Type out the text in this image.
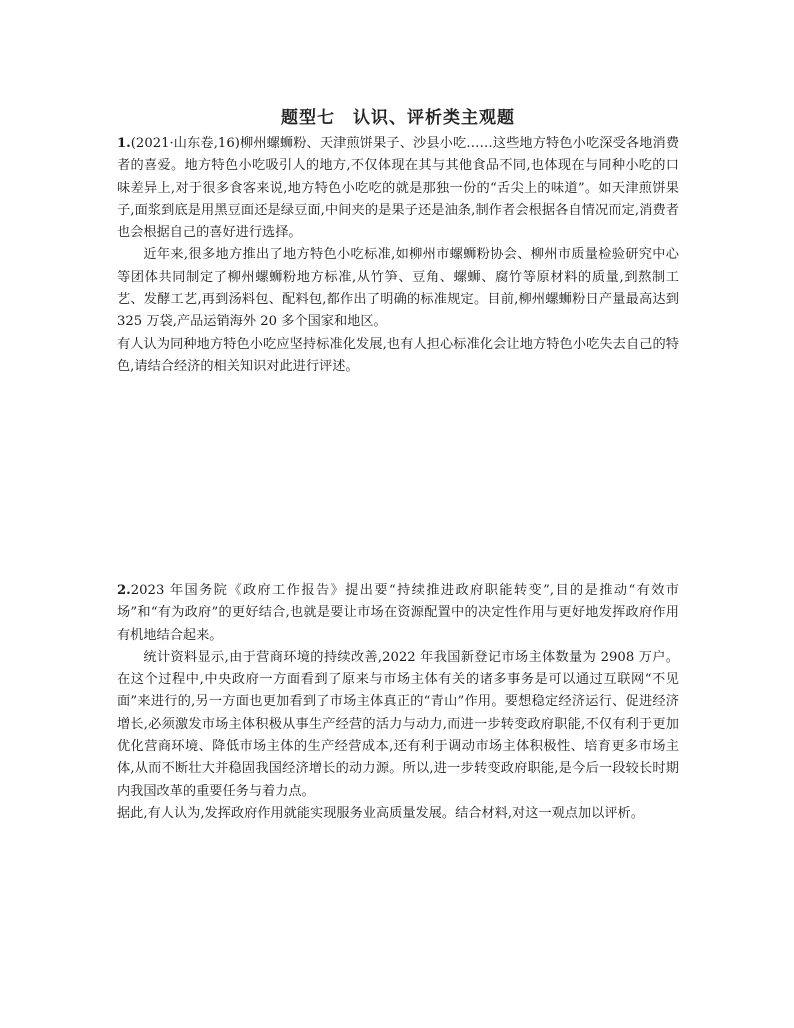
题型七　认识、评析类主观题

1.(2021·山东卷,16)柳州螺蛳粉、天津煎饼果子、沙县小吃……这些地方特色小吃深受各地消费者的喜爱。地方特色小吃吸引人的地方,不仅体现在其与其他食品不同,也体现在与同种小吃的口味差异上,对于很多食客来说,地方特色小吃吃的就是那独一份的“舌尖上的味道”。如天津煎饼果子,面浆到底是用黑豆面还是绿豆面,中间夹的是果子还是油条,制作者会根据各自情况而定,消费者也会根据自己的喜好进行选择。

近年来,很多地方推出了地方特色小吃标准,如柳州市螺蛳粉协会、柳州市质量检验研究中心等团体共同制定了柳州螺蛳粉地方标准,从竹笋、豆角、螺蛳、腐竹等原材料的质量,到熬制工艺、发酵工艺,再到汤料包、配料包,都作出了明确的标准规定。目前,柳州螺蛳粉日产量最高达到 325 万袋,产品运销海外 20 多个国家和地区。

有人认为同种地方特色小吃应坚持标准化发展,也有人担心标准化会让地方特色小吃失去自己的特色,请结合经济的相关知识对此进行评述。

2.2023 年国务院《政府工作报告》提出要“持续推进政府职能转变”,目的是推动“有效市场”和“有为政府”的更好结合,也就是要让市场在资源配置中的决定性作用与更好地发挥政府作用有机地结合起来。

统计资料显示,由于营商环境的持续改善,2022 年我国新登记市场主体数量为 2908 万户。在这个过程中,中央政府一方面看到了原来与市场主体有关的诸多事务是可以通过互联网“不见面”来进行的,另一方面也更加看到了市场主体真正的“青山”作用。要想稳定经济运行、促进经济增长,必须激发市场主体积极从事生产经营的活力与动力,而进一步转变政府职能,不仅有利于更加优化营商环境、降低市场主体的生产经营成本,还有利于调动市场主体积极性、培育更多市场主体,从而不断壮大并稳固我国经济增长的动力源。所以,进一步转变政府职能,是今后一段较长时期内我国改革的重要任务与着力点。

据此,有人认为,发挥政府作用就能实现服务业高质量发展。结合材料,对这一观点加以评析。
